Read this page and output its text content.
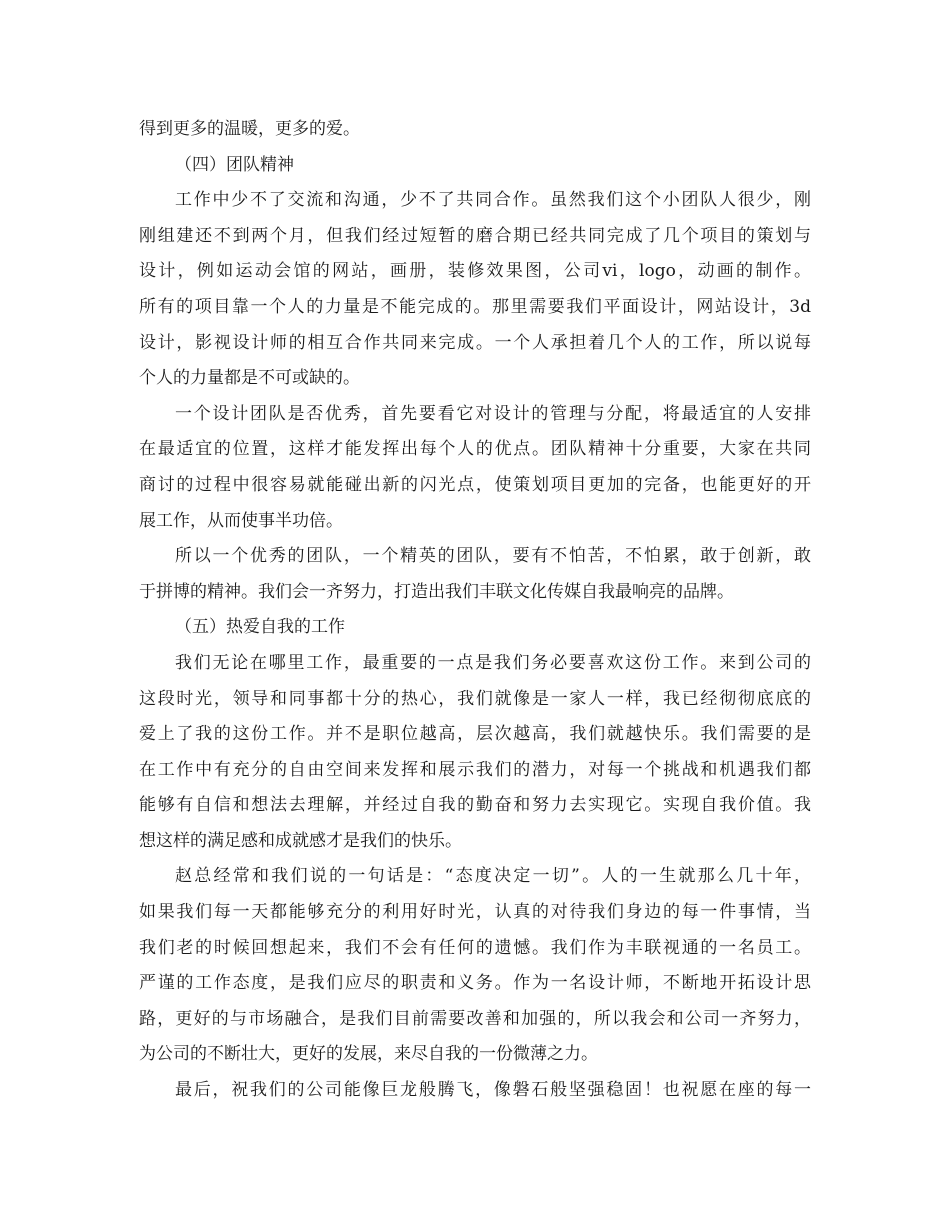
得到更多的温暖，更多的爱。
（四）团队精神
工作中少不了交流和沟通，少不了共同合作。虽然我们这个小团队人很少，刚
刚组建还不到两个月，但我们经过短暂的磨合期已经共同完成了几个项目的策划与
设计，例如运动会馆的网站，画册，装修效果图，公司vi，logo，动画的制作。
所有的项目靠一个人的力量是不能完成的。那里需要我们平面设计，网站设计，3d
设计，影视设计师的相互合作共同来完成。一个人承担着几个人的工作，所以说每
个人的力量都是不可或缺的。
一个设计团队是否优秀，首先要看它对设计的管理与分配，将最适宜的人安排
在最适宜的位置，这样才能发挥出每个人的优点。团队精神十分重要，大家在共同
商讨的过程中很容易就能碰出新的闪光点，使策划项目更加的完备，也能更好的开
展工作，从而使事半功倍。
所以一个优秀的团队，一个精英的团队，要有不怕苦，不怕累，敢于创新，敢
于拼博的精神。我们会一齐努力，打造出我们丰联文化传媒自我最响亮的品牌。
（五）热爱自我的工作
我们无论在哪里工作，最重要的一点是我们务必要喜欢这份工作。来到公司的
这段时光，领导和同事都十分的热心，我们就像是一家人一样，我已经彻彻底底的
爱上了我的这份工作。并不是职位越高，层次越高，我们就越快乐。我们需要的是
在工作中有充分的自由空间来发挥和展示我们的潜力，对每一个挑战和机遇我们都
能够有自信和想法去理解，并经过自我的勤奋和努力去实现它。实现自我价值。我
想这样的满足感和成就感才是我们的快乐。
赵总经常和我们说的一句话是：“态度决定一切”。人的一生就那么几十年，
如果我们每一天都能够充分的利用好时光，认真的对待我们身边的每一件事情，当
我们老的时候回想起来，我们不会有任何的遗憾。我们作为丰联视通的一名员工。
严谨的工作态度，是我们应尽的职责和义务。作为一名设计师，不断地开拓设计思
路，更好的与市场融合，是我们目前需要改善和加强的，所以我会和公司一齐努力，
为公司的不断壮大，更好的发展，来尽自我的一份微薄之力。
最后，祝我们的公司能像巨龙般腾飞，像磐石般坚强稳固！也祝愿在座的每一
